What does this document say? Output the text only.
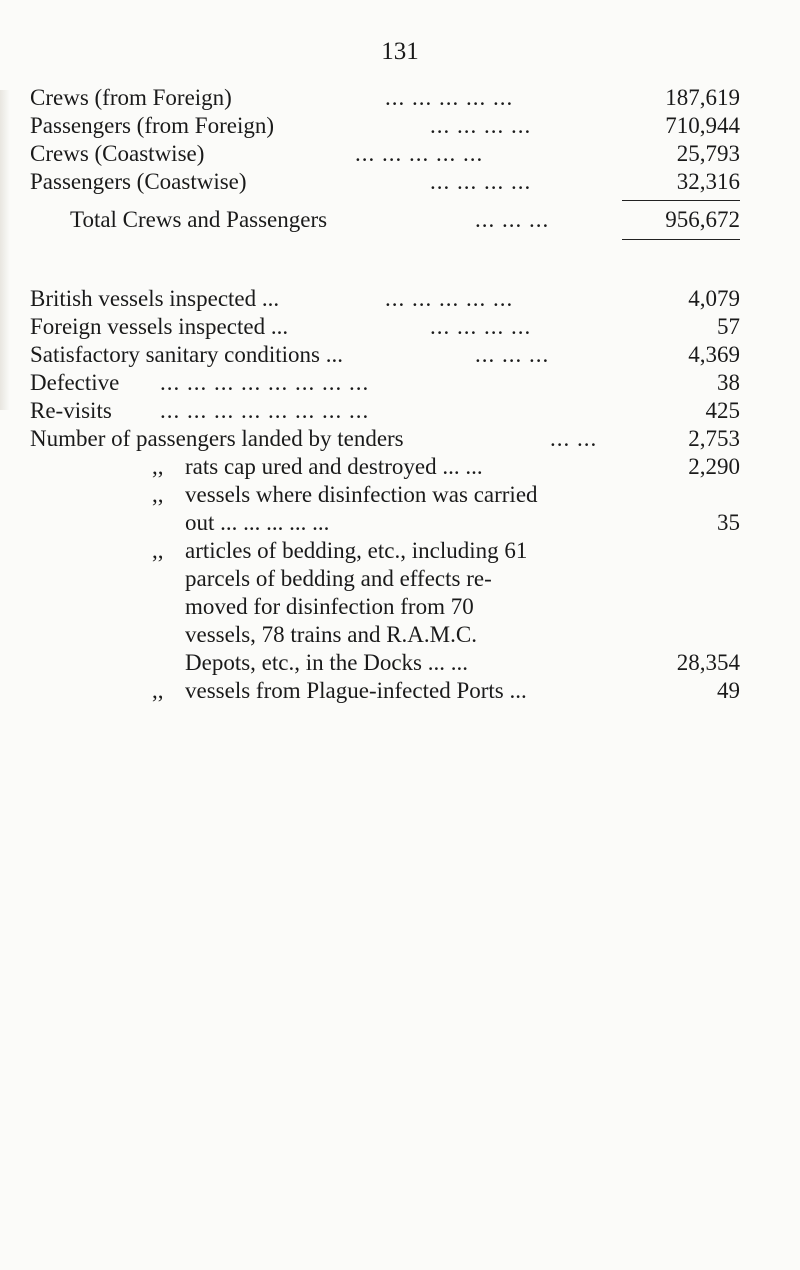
131
Crews (from Foreign)	... ... ... ... ...	187,619
Passengers (from Foreign)	... ... ... ...	710,944
Crews (Coastwise)	... ... ... ... ...	25,793
Passengers (Coastwise)	... ... ... ...	32,316
Total Crews and Passengers	... ... ...	956,672
British vessels inspected ...	... ... ... ... ...	4,079
Foreign vessels inspected ...	... ... ... ...	57
Satisfactory sanitary conditions ...	... ... ...	4,369
Defective ... ... ... ... ... ... ... ...	38
Re-visits ... ... ... ... ... ... ... ...	425
Number of passengers landed by tenders	... ...	2,753
,, rats cap ured and destroyed ... ...	2,290
,, vessels where disinfection was carried
out ... ... ... ... ...	35
,, articles of bedding, etc., including 61
parcels of bedding and effects re-
moved for disinfection from 70
vessels, 78 trains and R.A.M.C.
Depots, etc., in the Docks ... ...	28,354
,, vessels from Plague-infected Ports ...	49
